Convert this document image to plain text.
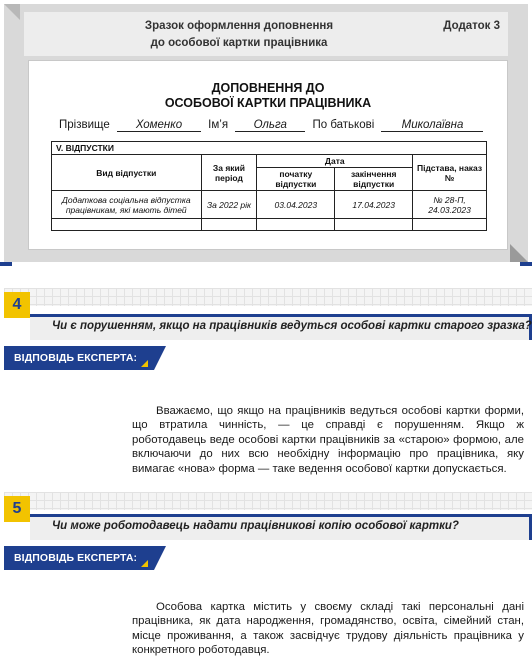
Зразок оформлення доповнення
до особової картки працівника
Додаток 3
ДОПОВНЕННЯ ДО
ОСОБОВОЇ КАРТКИ ПРАЦІВНИКА
Прізвище Хоменко Ім’я Ольга По батькові Миколаївна
V. ВІДПУСТКИ				
Вид відпустки	За який період	Дата		Підстава, наказ №
		початку відпустки	закінчення відпустки	
Додаткова соціальна відпустка працівникам, які мають дітей	За 2022 рік	03.04.2023	17.04.2023	№ 28-П, 24.03.2023

4
Чи є порушенням, якщо на працівників ведуться особові картки старого зразка?
ВІДПОВІДЬ ЕКСПЕРТА:
Вважаємо, що якщо на працівників ведуться особові картки форми, що втратила чинність, — це справді є порушенням. Якщо ж роботодавець веде особові картки працівників за «старою» формою, але включаючи до них всю необхідну інформацію про працівника, яку вимагає «нова» форма — таке ведення особової картки допускається.
5
Чи може роботодавець надати працівникові копію особової картки?
ВІДПОВІДЬ ЕКСПЕРТА:
Особова картка містить у своєму складі такі персональні дані працівника, як дата народження, громадянство, освіта, сімейний стан, місце проживання, а також засвідчує трудову діяльність працівника у конкретного роботодавця.
